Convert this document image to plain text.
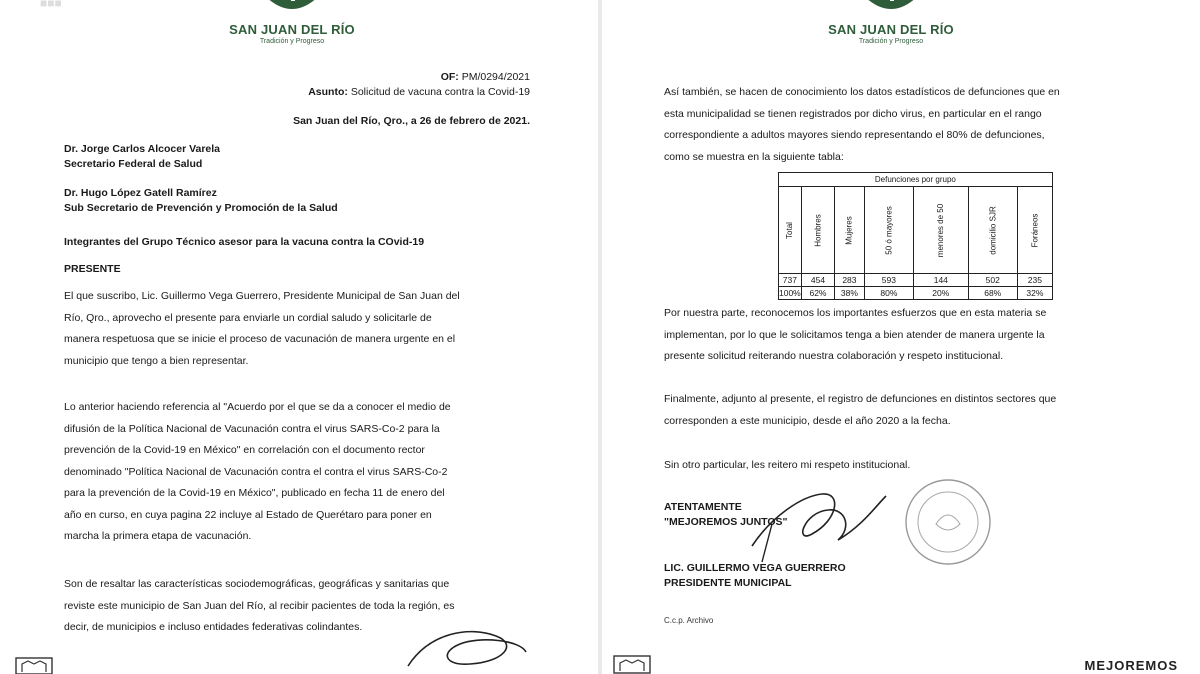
■■■
SAN JUAN DEL RÍO
Tradición y Progreso
OF: PM/0294/2021
Asunto: Solicitud de vacuna contra la Covid-19
San Juan del Río, Qro., a 26 de febrero de 2021.
Dr. Jorge Carlos Alcocer Varela
Secretario Federal de Salud
Dr. Hugo López Gatell Ramírez
Sub Secretario de Prevención y Promoción de la Salud
Integrantes del Grupo Técnico asesor para la vacuna contra la COvid-19
PRESENTE
El que suscribo, Lic. Guillermo Vega Guerrero, Presidente Municipal de San Juan del
Río, Qro., aprovecho el presente para enviarle un cordial saludo y solicitarle de
manera respetuosa que se inicie el proceso de vacunación de manera urgente en el
municipio que tengo a bien representar.
Lo anterior haciendo referencia al "Acuerdo por el que se da a conocer el medio de
difusión de la Política Nacional de Vacunación contra el virus SARS-Co-2 para la
prevención de la Covid-19 en México" en correlación con el documento rector
denominado "Política Nacional de Vacunación contra el contra el virus SARS-Co-2
para la prevención de la Covid-19 en México", publicado en fecha 11 de enero del
año en curso, en cuya pagina 22 incluye al Estado de Querétaro para poner en
marcha la primera etapa de vacunación.
Son de resaltar las características sociodemográficas, geográficas y sanitarias que
reviste este municipio de San Juan del Río, al recibir pacientes de toda la región, es
decir, de municipios e incluso entidades federativas colindantes.
SAN JUAN DEL RÍO
Tradición y Progreso
Así también, se hacen de conocimiento los datos estadísticos de defunciones que en
esta municipalidad se tienen registrados por dicho virus, en particular en el rango
correspondiente a adultos mayores siendo representando el 80% de defunciones,
como se muestra en la siguiente tabla:
Defunciones por grupo						
Total	Hombres	Mujeres	50 ó mayores	menores de 50	domicilio SJR	Foráneos
737	454	283	593	144	502	235
100%	62%	38%	80%	20%	68%	32%
Por nuestra parte, reconocemos los importantes esfuerzos que en esta materia se
implementan, por lo que le solicitamos tenga a bien atender de manera urgente la
presente solicitud reiterando nuestra colaboración y respeto institucional.
Finalmente, adjunto al presente, el registro de defunciones en distintos sectores que
corresponden a este municipio, desde el año 2020 a la fecha.
Sin otro particular, les reitero mi respeto institucional.
ATENTAMENTE
"MEJOREMOS JUNTOS"
LIC. GUILLERMO VEGA GUERRERO
PRESIDENTE MUNICIPAL
C.c.p. Archivo
MEJOREMOS
